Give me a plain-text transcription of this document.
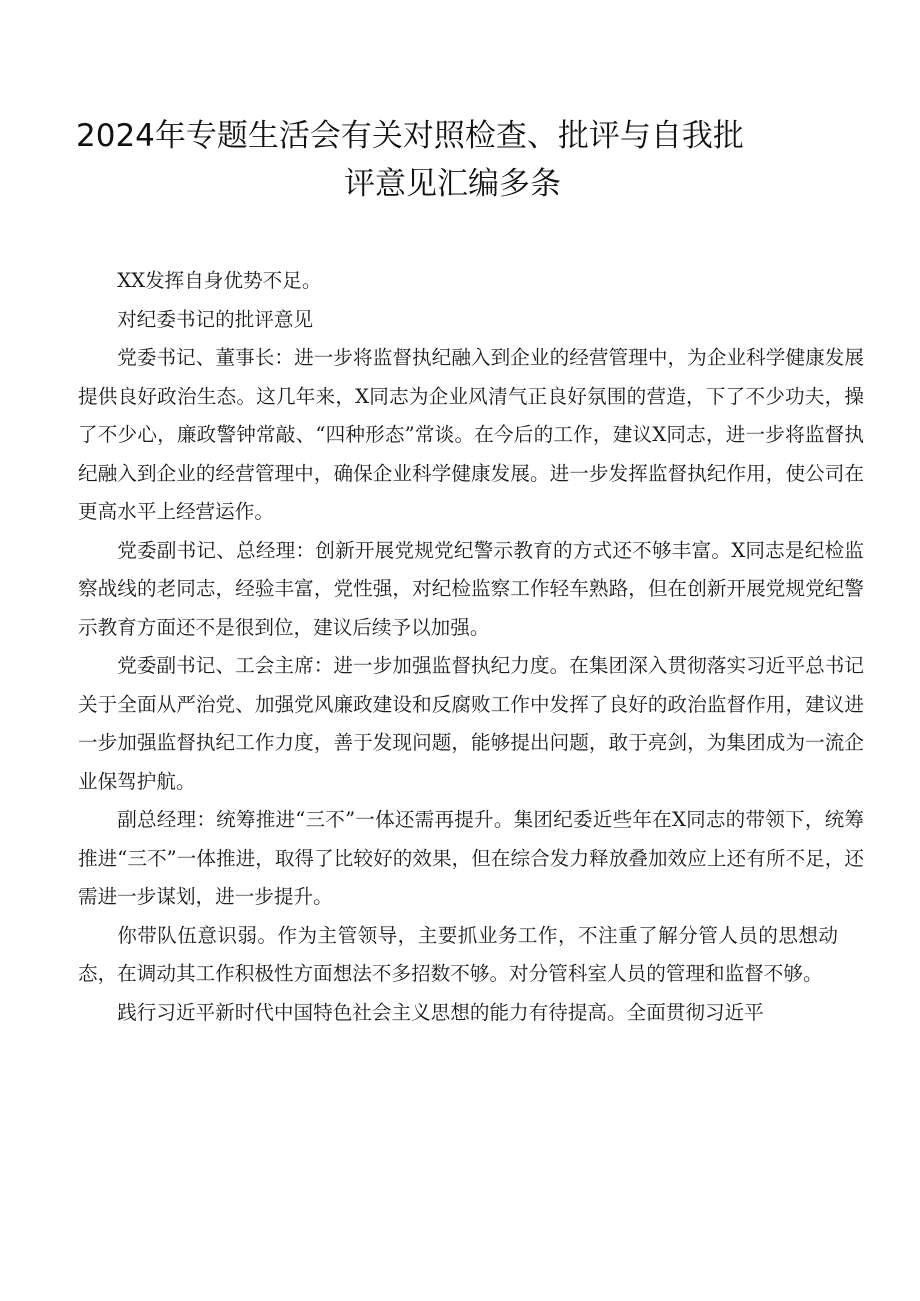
2024年专题生活会有关对照检查、批评与自我批
评意见汇编多条

XX发挥自身优势不足。

对纪委书记的批评意见

党委书记、董事长：进一步将监督执纪融入到企业的经营管理中，为企业科学健康发展提供良好政治生态。这几年来，X同志为企业风清气正良好氛围的营造，下了不少功夫，操了不少心，廉政警钟常敲、“四种形态”常谈。在今后的工作，建议X同志，进一步将监督执纪融入到企业的经营管理中，确保企业科学健康发展。进一步发挥监督执纪作用，使公司在更高水平上经营运作。

党委副书记、总经理：创新开展党规党纪警示教育的方式还不够丰富。X同志是纪检监察战线的老同志，经验丰富，党性强，对纪检监察工作轻车熟路，但在创新开展党规党纪警示教育方面还不是很到位，建议后续予以加强。

党委副书记、工会主席：进一步加强监督执纪力度。在集团深入贯彻落实习近平总书记关于全面从严治党、加强党风廉政建设和反腐败工作中发挥了良好的政治监督作用，建议进一步加强监督执纪工作力度，善于发现问题，能够提出问题，敢于亮剑，为集团成为一流企业保驾护航。

副总经理：统筹推进“三不”一体还需再提升。集团纪委近些年在X同志的带领下，统筹推进“三不”一体推进，取得了比较好的效果，但在综合发力释放叠加效应上还有所不足，还需进一步谋划，进一步提升。

你带队伍意识弱。作为主管领导，主要抓业务工作，不注重了解分管人员的思想动态，在调动其工作积极性方面想法不多招数不够。对分管科室人员的管理和监督不够。

践行习近平新时代中国特色社会主义思想的能力有待提高。全面贯彻习近平
